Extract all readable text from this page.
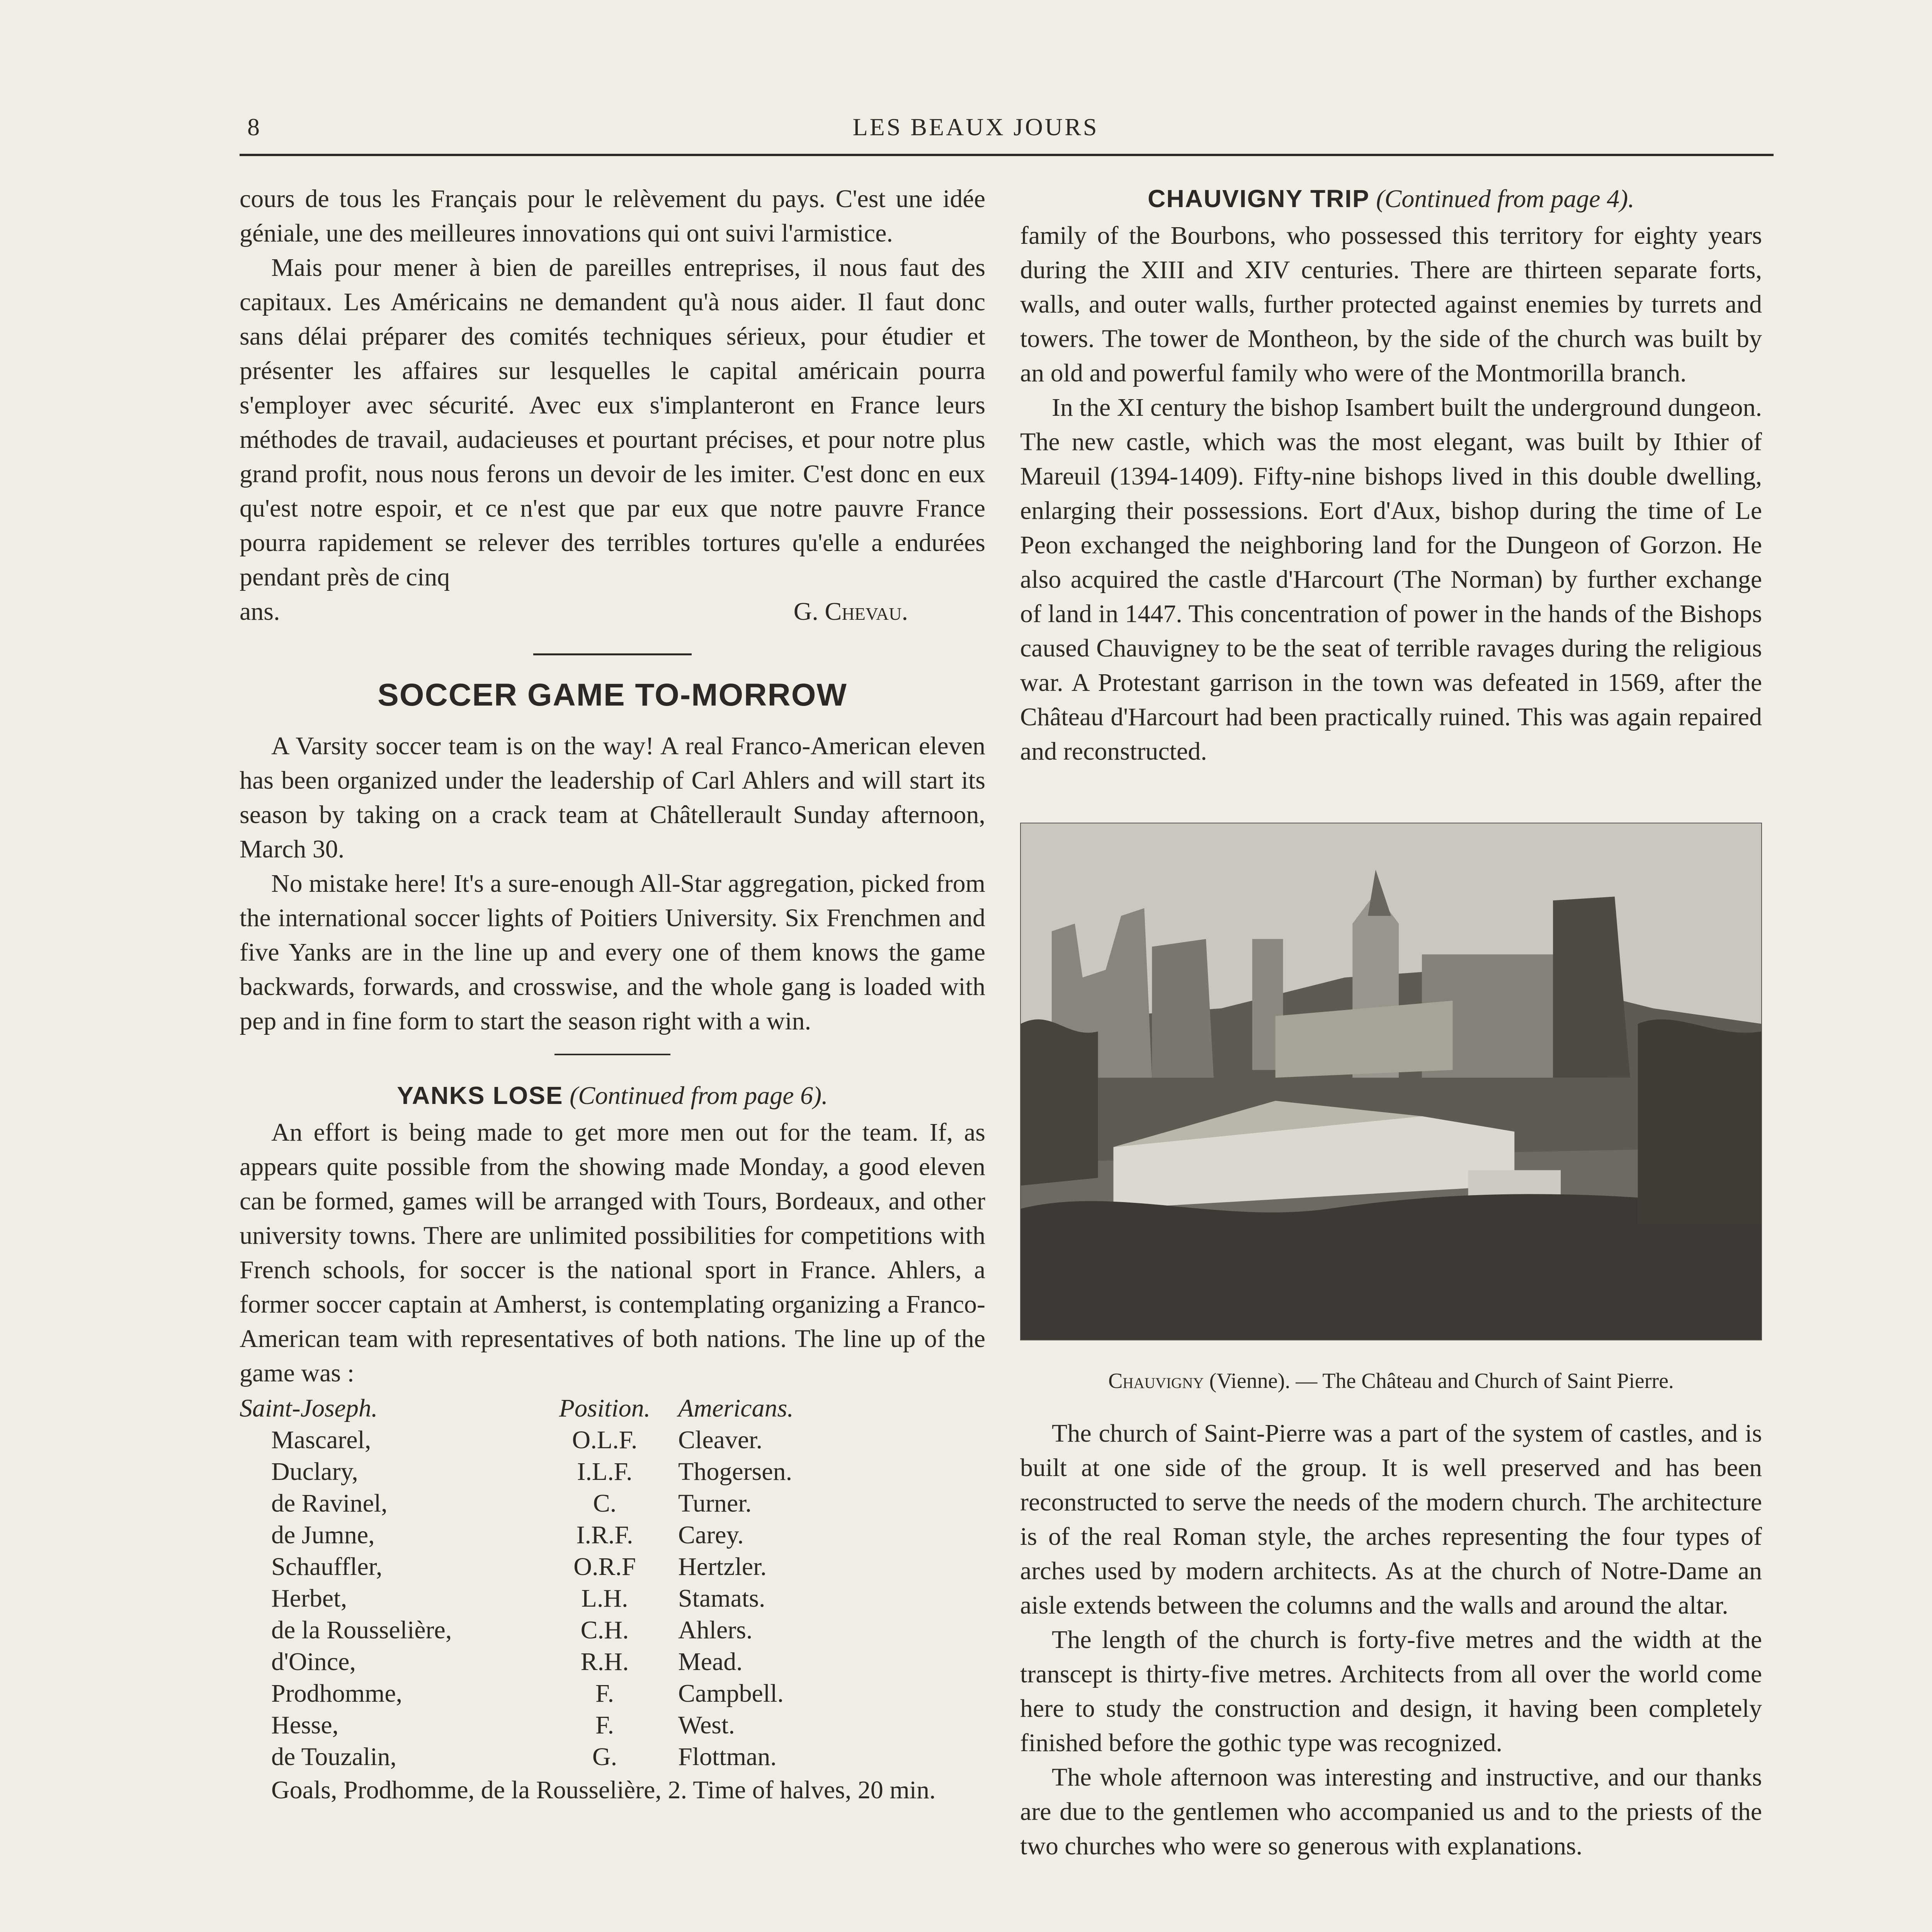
8	LES BEAUX JOURS

cours de tous les Français pour le relèvement du pays. C'est une idée géniale, une des meilleures innovations qui ont suivi l'armistice.

Mais pour mener à bien de pareilles entreprises, il nous faut des capitaux. Les Américains ne demandent qu'à nous aider. Il faut donc sans délai préparer des comités techniques sérieux, pour étudier et présenter les affaires sur lesquelles le capital américain pourra s'employer avec sécurité. Avec eux s'implanteront en France leurs méthodes de travail, audacieuses et pourtant précises, et pour notre plus grand profit, nous nous ferons un devoir de les imiter. C'est donc en eux qu'est notre espoir, et ce n'est que par eux que notre pauvre France pourra rapidement se relever des terribles tortures qu'elle a endurées pendant près de cinq

ans.	G. Chevau.
SOCCER GAME TO-MORROW

A Varsity soccer team is on the way! A real Franco-American eleven has been organized under the leadership of Carl Ahlers and will start its season by taking on a crack team at Châtellerault Sunday afternoon, March 30.

No mistake here! It's a sure-enough All-Star aggregation, picked from the international soccer lights of Poitiers University. Six Frenchmen and five Yanks are in the line up and every one of them knows the game backwards, forwards, and crosswise, and the whole gang is loaded with pep and in fine form to start the season right with a win.

YANKS LOSE (Continued from page 6).

An effort is being made to get more men out for the team. If, as appears quite possible from the showing made Monday, a good eleven can be formed, games will be arranged with Tours, Bordeaux, and other university towns. There are unlimited possibilities for competitions with French schools, for soccer is the national sport in France. Ahlers, a former soccer captain at Amherst, is contemplating organizing a Franco-American team with representatives of both nations. The line up of the game was :

Saint-Joseph.	Position.	Americans.
Mascarel,	O.L.F.	Cleaver.
Duclary,	I.L.F.	Thogersen.
de Ravinel,	C.	Turner.
de Jumne,	I.R.F.	Carey.
Schauffler,	O.R.F	Hertzler.
Herbet,	L.H.	Stamats.
de la Rousselière,	C.H.	Ahlers.
d'Oince,	R.H.	Mead.
Prodhomme,	F.	Campbell.
Hesse,	F.	West.
de Touzalin,	G.	Flottman.

Goals, Prodhomme, de la Rousselière, 2. Time of halves, 20 min.

CHAUVIGNY TRIP (Continued from page 4).

family of the Bourbons, who possessed this territory for eighty years during the XIII and XIV centuries. There are thirteen separate forts, walls, and outer walls, further protected against enemies by turrets and towers. The tower de Montheon, by the side of the church was built by an old and powerful family who were of the Montmorilla branch.

In the XI century the bishop Isambert built the underground dungeon. The new castle, which was the most elegant, was built by Ithier of Mareuil (1394-1409). Fifty-nine bishops lived in this double dwelling, enlarging their possessions. Eort d'Aux, bishop during the time of Le Peon exchanged the neighboring land for the Dungeon of Gorzon. He also acquired the castle d'Harcourt (The Norman) by further exchange of land in 1447. This concentration of power in the hands of the Bishops caused Chauvigney to be the seat of terrible ravages during the religious war. A Protestant garrison in the town was defeated in 1569, after the Château d'Harcourt had been practically ruined. This was again repaired and reconstructed.

Chauvigny (Vienne). — The Château and Church of Saint Pierre.

The church of Saint-Pierre was a part of the system of castles, and is built at one side of the group. It is well preserved and has been reconstructed to serve the needs of the modern church. The architecture is of the real Roman style, the arches representing the four types of arches used by modern architects. As at the church of Notre-Dame an aisle extends between the columns and the walls and around the altar.

The length of the church is forty-five metres and the width at the transcept is thirty-five metres. Architects from all over the world come here to study the construction and design, it having been completely finished before the gothic type was recognized.

The whole afternoon was interesting and instructive, and our thanks are due to the gentlemen who accompanied us and to the priests of the two churches who were so generous with explanations.
